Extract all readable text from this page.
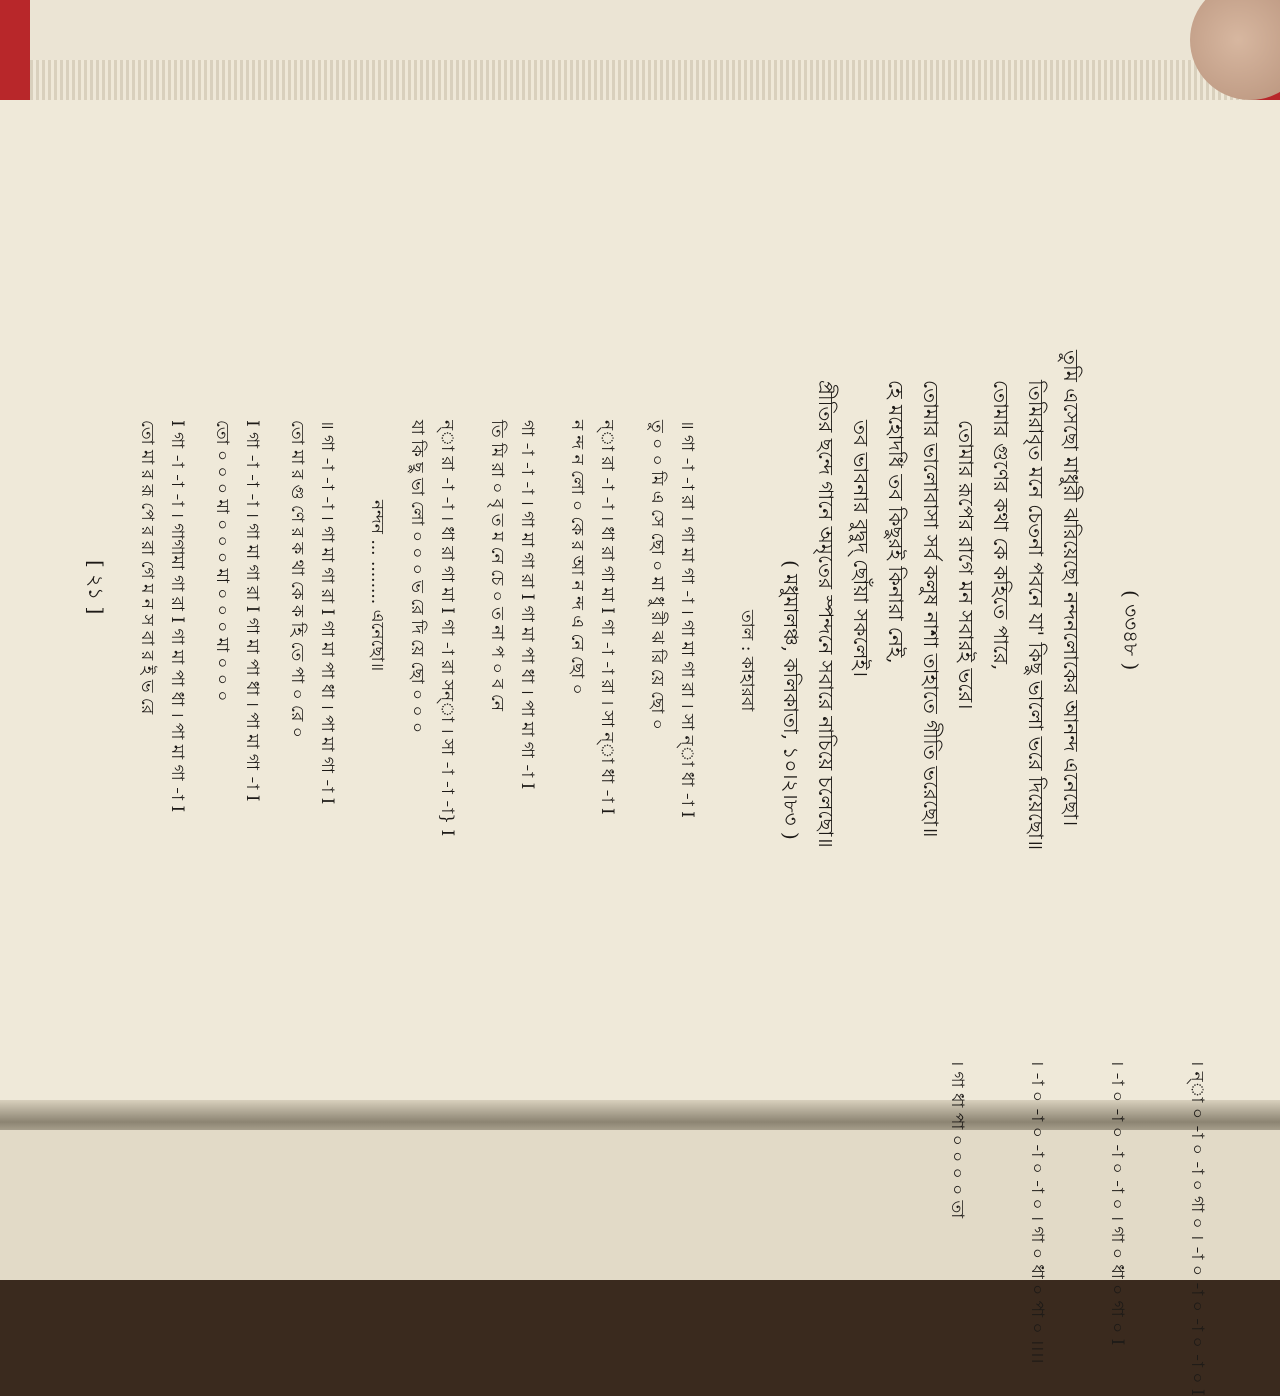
( ৩৩৪৮ )
তুমি এসেছো মাধুরী ঝরিয়েছো নন্দনলোকের আনন্দ এনেছো।
তিমিরাবৃত মনে চেতনা পবনে যা' কিছু ভালো ভরে দিয়েছো॥
তোমার গুণের কথা কে কহিতে পারে,
তোমার রূপের রাগে মন সবারই ভরে।
তোমার ভালোবাসা সর্ব কলুষ নাশা তাহাতে গীতি ভরেছো॥
হে মহোদধি তব কিছুরই কিনারা নেই,
তব ভাবনার বুদ্বুদ্ ছোঁয়া সকলেই।
প্রীতির ছন্দে গানে অমৃতের স্পন্দনে সবারে নাচিয়ে চলেছো॥
( মধুমালঞ্চ, কলিকাতা, ১০।২।৮৩ )
তাল : কাহারবা
॥ গা -া -া রা । গা মা গা -া । গা মা গা রা । সা ন্‌া ধা -া I
তু ০ ০ মি এ সে ছো ০ মা ধু রী ঝ রি য়ে ছো ০
ন্‌া রা -া -া । ধা রা গা মা I গা -া -া রা । সা ন্‌া ধা -া I
ন ন্দ ন লো ০ কে র আ ন ন্দ এ নে ছো ০
গা -া -া -া । গা মা গা রা I গা মা পা ধা । পা মা গা -া I
তি মি রা ০ বৃ ত ম নে চে ০ ত না প ০ ব নে
ন্‌া রা -া -া । ধা রা গা মা I গা -া রা সন্‌া । সা -া -া -া} I
যা কি ছু ভা লো ০ ০ ০ ভ রে দি য়ে ছো ০ ০ ০
নন্দন ... ........ এনেছো॥
॥ গা -া -া -া । গা মা গা রা I গা মা পা ধা । পা মা গা -া I
তো মা র গু ণে র ক থা কে ক হি তে পা ০ রে ০
I গা -া -া -া । গা মা গা রা I গা মা পা ধা । পা মা গা -া I
তো ০ ০ ০ মা ০ ০ ০ মা ০ ০ ০ মা ০ ০ ০
I গা -া -া -া । গাগামা গা রা I গা মা পা ধা । পা মা গা -া I
তো মা র রূ পে র রা গে ম ন স বা র ই ভ রে
[ ২১ ]
। ন্‌া ০ -া ০ -া ০ গা ০ । -া ০ -া ০ -া ০ -া ০ I
। -া ০ -া ০ -া ০ -া ০ । গা ০ ধা ০ গা ০ I
। -া ০ -া ০ -া ০ -া ০ । গা ০ ধা ০ পা ০ ।।।।
। গা ধা পা ০ ০ ০ ০ তা
